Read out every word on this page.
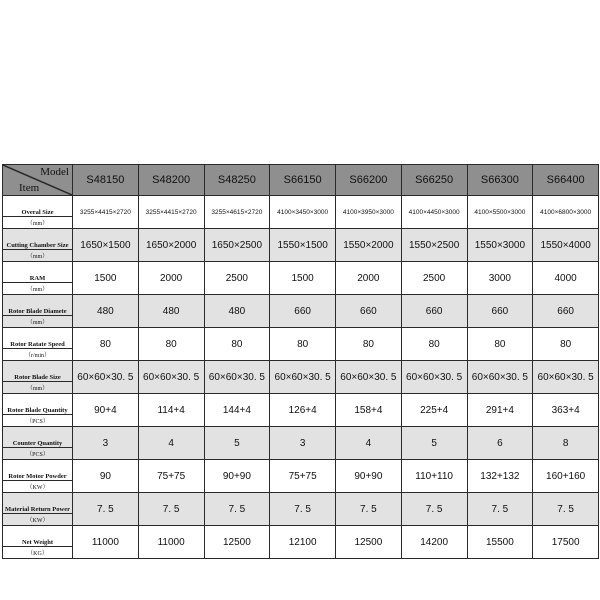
Model
Item	S48150	S48200	S48250	S66150	S66200	S66250	S66300	S66400
Overal Size	3255×4415×2720	3255×4415×2720	3255×4615×2720	4100×3450×3000	4100×3950×3000	4100×4450×3000	4100×5500×3000	4100×6800×3000
（mm）								
Cutting Chamber Size	1650×1500	1650×2000	1650×2500	1550×1500	1550×2000	1550×2500	1550×3000	1550×4000
（mm）								
RAM	1500	2000	2500	1500	2000	2500	3000	4000
（mm）								
Rotor Blade Diamete	480	480	480	660	660	660	660	660
（mm）								
Rotor Ratate Speed	80	80	80	80	80	80	80	80
（r/min）								
Rotor Blade Size	60×60×30. 5	60×60×30. 5	60×60×30. 5	60×60×30. 5	60×60×30. 5	60×60×30. 5	60×60×30. 5	60×60×30. 5
（mm）								
Rotor Blade Quantity	90+4	114+4	144+4	126+4	158+4	225+4	291+4	363+4
（PCS）								
Counter Quantity	3	4	5	3	4	5	6	8
（PCS）								
Rotor Motor Powder	90	75+75	90+90	75+75	90+90	110+110	132+132	160+160
（KW）								
Material Return Power	7. 5	7. 5	7. 5	7. 5	7. 5	7. 5	7. 5	7. 5
（KW）								
Net Weight	11000	11000	12500	12100	12500	14200	15500	17500
（KG）								
